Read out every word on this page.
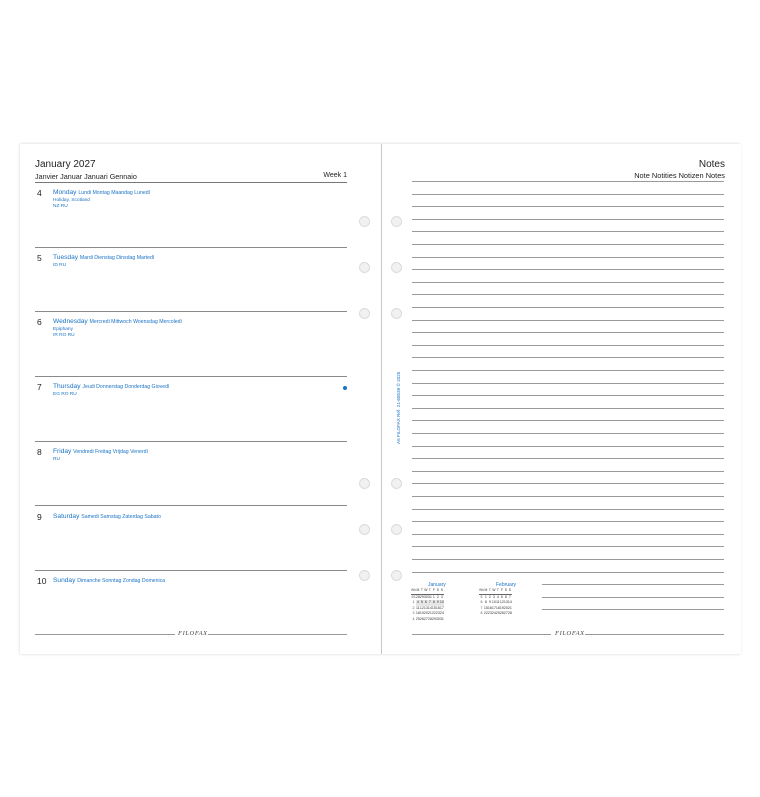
January 2027
Janvier Januar Januari Gennaio	Week 1
4 Monday Lundi Montag Maandag Lunedì
Holiday, Scotland
NZ RU
5 Tuesday Mardi Dienstag Dinsdag Martedì
ID RU
6 Wednesday Mercredi Mittwoch Woensdag Mercoledì
Epiphany
IR RO RU
7 Thursday Jeudi Donnerstag Donderdag Giovedì
EG RO RU
8 Friday Vendredi Freitag Vrijdag Venerdì
RU
9 Saturday Samedi Samstag Zaterdag Sabato
10 Sunday Dimanche Sonntag Zondag Domenica
FILOFAX
Notes
Note Notities Notizen Notes
A5 FILOFAX Ref. 21-68539 © 2025
January
Wk	M	T	W	T	F	S	S
53	28	29	30	31	1	2	3
1	4	5	6	7	8	9	10
2	11	12	13	14	15	16	17
3	18	19	20	21	22	23	24
4	25	26	27	28	29	30	31
February
Wk	M	T	W	T	F	S	S
5	1	2	3	4	5	6	7
6	8	9	10	11	12	13	14
7	15	16	17	18	19	20	21
8	22	23	24	25	26	27	28
FILOFAX
